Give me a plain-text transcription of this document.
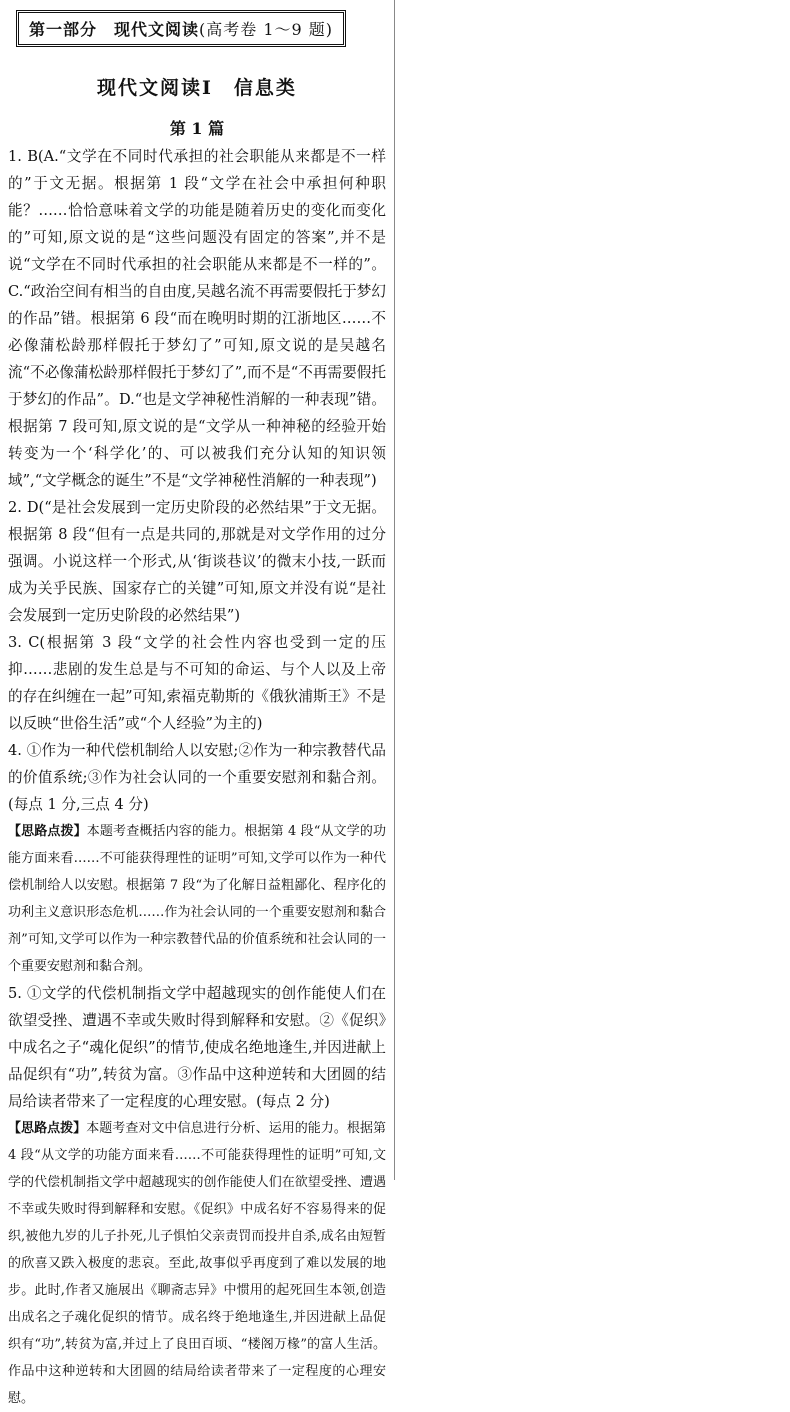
第一部分　现代文阅读(高考卷 1～9 题)
现代文阅读Ⅰ　信息类
第 1 篇

1. B(A.“文学在不同时代承担的社会职能从来都是不一样的”于文无据。根据第 1 段“文学在社会中承担何种职能？……恰恰意味着文学的功能是随着历史的变化而变化的”可知,原文说的是“这些问题没有固定的答案”,并不是说“文学在不同时代承担的社会职能从来都是不一样的”。C.“政治空间有相当的自由度,吴越名流不再需要假托于梦幻的作品”错。根据第 6 段“而在晚明时期的江浙地区……不必像蒲松龄那样假托于梦幻了”可知,原文说的是吴越名流“不必像蒲松龄那样假托于梦幻了”,而不是“不再需要假托于梦幻的作品”。D.“也是文学神秘性消解的一种表现”错。根据第 7 段可知,原文说的是“文学从一种神秘的经验开始转变为一个‘科学化’的、可以被我们充分认知的知识领域”,“文学概念的诞生”不是“文学神秘性消解的一种表现”)

2. D(“是社会发展到一定历史阶段的必然结果”于文无据。根据第 8 段“但有一点是共同的,那就是对文学作用的过分强调。小说这样一个形式,从‘街谈巷议’的微末小技,一跃而成为关乎民族、国家存亡的关键”可知,原文并没有说“是社会发展到一定历史阶段的必然结果”)

3. C(根据第 3 段“文学的社会性内容也受到一定的压抑……悲剧的发生总是与不可知的命运、与个人以及上帝的存在纠缠在一起”可知,索福克勒斯的《俄狄浦斯王》不是以反映“世俗生活”或“个人经验”为主的)

4. ①作为一种代偿机制给人以安慰;②作为一种宗教替代品的价值系统;③作为社会认同的一个重要安慰剂和黏合剂。(每点 1 分,三点 4 分)

【思路点拨】本题考查概括内容的能力。根据第 4 段“从文学的功能方面来看……不可能获得理性的证明”可知,文学可以作为一种代偿机制给人以安慰。根据第 7 段“为了化解日益粗鄙化、程序化的功利主义意识形态危机……作为社会认同的一个重要安慰剂和黏合剂”可知,文学可以作为一种宗教替代品的价值系统和社会认同的一个重要安慰剂和黏合剂。

5. ①文学的代偿机制指文学中超越现实的创作能使人们在欲望受挫、遭遇不幸或失败时得到解释和安慰。②《促织》中成名之子“魂化促织”的情节,使成名绝地逢生,并因进献上品促织有“功”,转贫为富。③作品中这种逆转和大团圆的结局给读者带来了一定程度的心理安慰。(每点 2 分)

【思路点拨】本题考查对文中信息进行分析、运用的能力。根据第 4 段“从文学的功能方面来看……不可能获得理性的证明”可知,文学的代偿机制指文学中超越现实的创作能使人们在欲望受挫、遭遇不幸或失败时得到解释和安慰。《促织》中成名好不容易得来的促织,被他九岁的儿子扑死,儿子惧怕父亲责罚而投井自杀,成名由短暂的欣喜又跌入极度的悲哀。至此,故事似乎再度到了难以发展的地步。此时,作者又施展出《聊斋志异》中惯用的起死回生本领,创造出成名之子魂化促织的情节。成名终于绝地逢生,并因进献上品促织有“功”,转贫为富,并过上了良田百顷、“楼阁万椽”的富人生活。作品中这种逆转和大团圆的结局给读者带来了一定程度的心理安慰。
